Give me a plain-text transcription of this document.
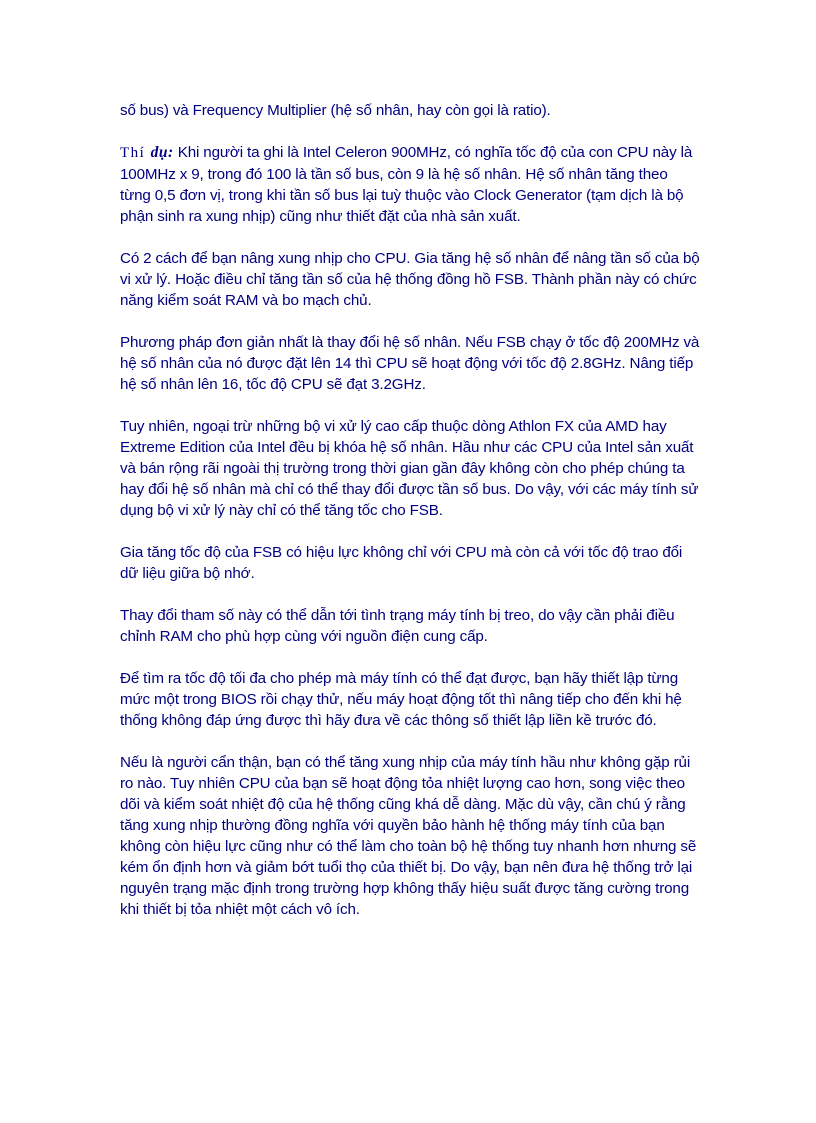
số bus) và Frequency Multiplier (hệ số nhân, hay còn gọi là ratio).

Thí dụ: Khi người ta ghi là Intel Celeron 900MHz, có nghĩa tốc độ của con CPU này là 100MHz x 9, trong đó 100 là tần số bus, còn 9 là hệ số nhân. Hệ số nhân tăng theo từng 0,5 đơn vị, trong khi tần số bus lại tuỳ thuộc vào Clock Generator (tạm dịch là bộ phận sinh ra xung nhịp) cũng như thiết đặt của nhà sản xuất.

Có 2 cách để bạn nâng xung nhịp cho CPU. Gia tăng hệ số nhân để nâng tần số của bộ vi xử lý. Hoặc điều chỉ tăng tần số của hệ thống đồng hồ FSB. Thành phần này có chức năng kiểm soát RAM và bo mạch chủ.

Phương pháp đơn giản nhất là thay đổi hệ số nhân. Nếu FSB chạy ở tốc độ 200MHz và hệ số nhân của nó được đặt lên 14 thì CPU sẽ hoạt động với tốc độ 2.8GHz. Nâng tiếp hệ số nhân lên 16, tốc độ CPU sẽ đạt 3.2GHz.

Tuy nhiên, ngoại trừ những bộ vi xử lý cao cấp thuộc dòng Athlon FX của AMD hay Extreme Edition của Intel đều bị khóa hệ số nhân. Hầu như các CPU của Intel sản xuất và bán rộng rãi ngoài thị trường trong thời gian gần đây không còn cho phép chúng ta hay đổi hệ số nhân mà chỉ có thể thay đổi được tần số bus. Do vậy, với các máy tính sử dụng bộ vi xử lý này chỉ có thể tăng tốc cho FSB.

Gia tăng tốc độ của FSB có hiệu lực không chỉ với CPU mà còn cả với tốc độ trao đổi dữ liệu giữa bộ nhớ.

Thay đổi tham số này có thể dẫn tới tình trạng máy tính bị treo, do vậy cần phải điều chỉnh RAM cho phù hợp cùng với nguồn điện cung cấp.

Để tìm ra tốc độ tối đa cho phép mà máy tính có thể đạt được, bạn hãy thiết lập từng mức một trong BIOS rồi chạy thử, nếu máy hoạt động tốt thì nâng tiếp cho đến khi hệ thống không đáp ứng được thì hãy đưa về các thông số thiết lập liền kề trước đó.

Nếu là người cẩn thận, bạn có thể tăng xung nhịp của máy tính hầu như không gặp rủi ro nào. Tuy nhiên CPU của bạn sẽ hoạt động tỏa nhiệt lượng cao hơn, song việc theo dõi và kiểm soát nhiệt độ của hệ thống cũng khá dễ dàng. Mặc dù vậy, cần chú ý rằng tăng xung nhịp thường đồng nghĩa với quyền bảo hành hệ thống máy tính của bạn không còn hiệu lực cũng như có thể làm cho toàn bộ hệ thống tuy nhanh hơn nhưng sẽ kém ổn định hơn và giảm bớt tuổi thọ của thiết bị. Do vậy, bạn nên đưa hệ thống trở lại nguyên trạng mặc định trong trường hợp không thấy hiệu suất được tăng cường trong khi thiết bị tỏa nhiệt một cách vô ích.
